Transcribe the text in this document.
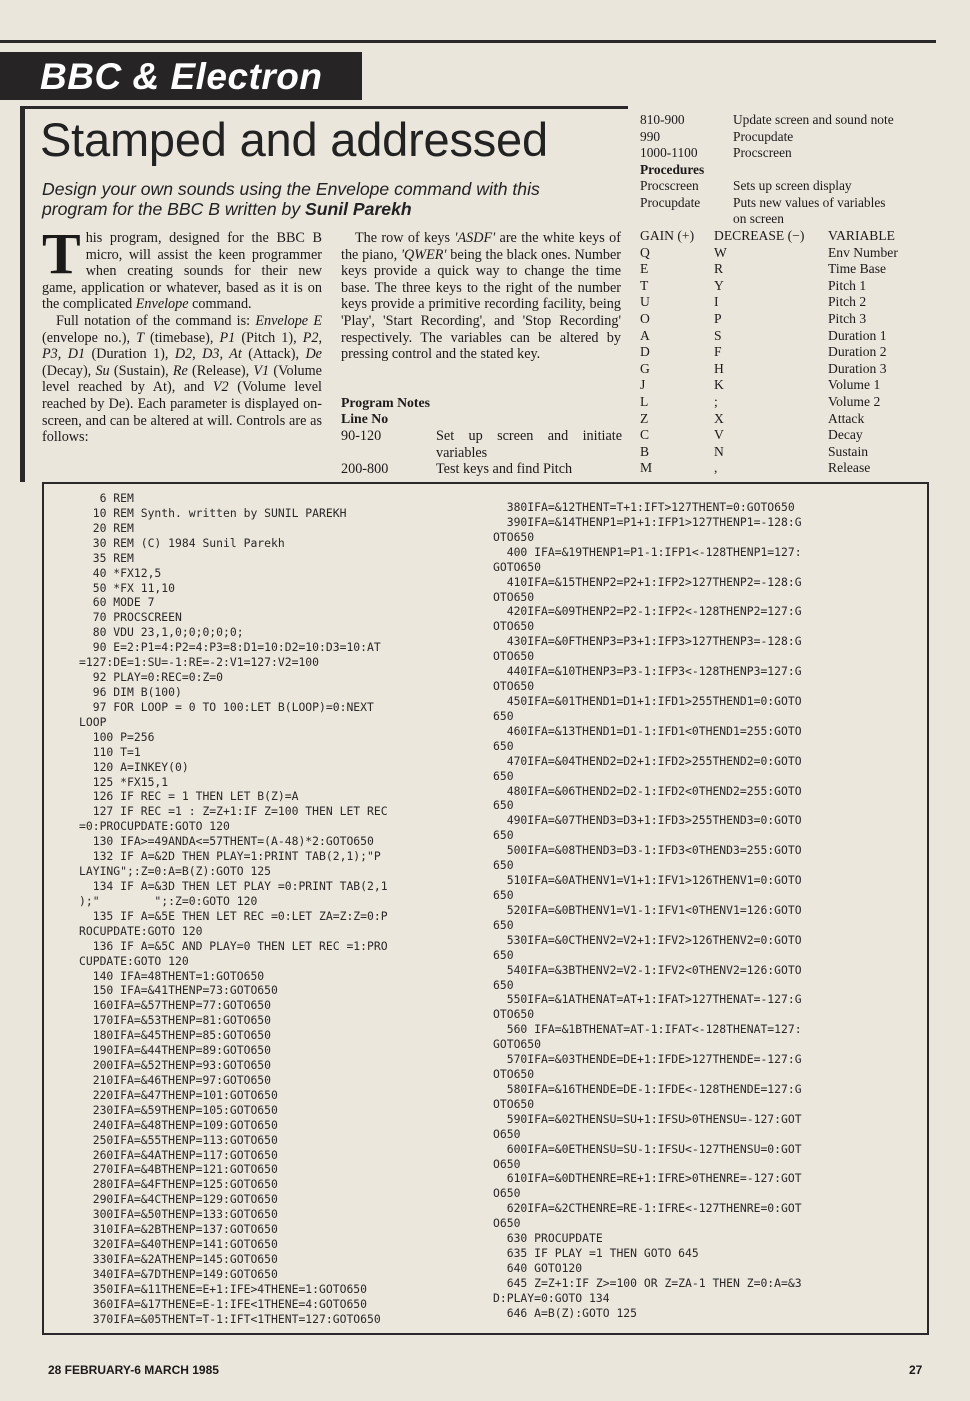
BBC & Electron
Stamped and addressed
Design your own sounds using the Envelope command with this program for the BBC B written by Sunil Parekh

This program, designed for the BBC B micro, will assist the keen programmer when creating sounds for their new game, application or whatever, based as it is on the complicated Envelope command.

Full notation of the command is: Envelope E (envelope no.), T (timebase), P1 (Pitch 1), P2, P3, D1 (Duration 1), D2, D3, At (Attack), De (Decay), Su (Sustain), Re (Release), V1 (Volume level reached by At), and V2 (Volume level reached by De). Each parameter is displayed on-screen, and can be altered at will. Controls are as follows:

The row of keys 'ASDF' are the white keys of the piano, 'QWER' being the black ones. Number keys provide a quick way to change the time base. The three keys to the right of the number keys provide a primitive recording facility, being 'Play', 'Start Recording', and 'Stop Recording' respectively. The variables can be altered by pressing control and the stated key.

Program Notes
Line No
90-120	Set up screen and initiate variables
200-800	Test keys and find Pitch
810-900	Update screen and sound note
990	Procupdate
1000-1100	Procscreen
Procedures
Procscreen	Sets up screen display
Procupdate Puts new values of variables
on screen
GAIN (+) DECREASE (−) VARIABLE
Q	W	Env Number
E	R	Time Base
T	Y	Pitch 1
U	I	Pitch 2
O	P	Pitch 3
A	S	Duration 1
D	F	Duration 2
G	H	Duration 3
J	K	Volume 1
L	;	Volume 2
Z	X	Attack
C	V	Decay
B	N	Sustain
M	,	Release
6 REM
10 REM Synth. written by SUNIL PAREKH
20 REM
30 REM (C) 1984 Sunil Parekh
35 REM
40 *FX12,5
50 *FX 11,10
60 MODE 7
70 PROCSCREEN
80 VDU 23,1,0;0;0;0;0;
90 E=2:P1=4:P2=4:P3=8:D1=10:D2=10:D3=10:AT
=127:DE=1:SU=-1:RE=-2:V1=127:V2=100
92 PLAY=0:REC=0:Z=0
96 DIM B(100)
97 FOR LOOP = 0 TO 100:LET B(LOOP)=0:NEXT
LOOP
100 P=256
110 T=1
120 A=INKEY(0)
125 *FX15,1
126 IF REC = 1 THEN LET B(Z)=A
127 IF REC =1 : Z=Z+1:IF Z=100 THEN LET REC
=0:PROCUPDATE:GOTO 120
130 IFA>=49ANDA<=57THENT=(A-48)*2:GOTO650
132 IF A=&2D THEN PLAY=1:PRINT TAB(2,1);"P
LAYING";:Z=0:A=B(Z):GOTO 125
134 IF A=&3D THEN LET PLAY =0:PRINT TAB(2,1
);"        ";:Z=0:GOTO 120
135 IF A=&5E THEN LET REC =0:LET ZA=Z:Z=0:P
ROCUPDATE:GOTO 120
136 IF A=&5C AND PLAY=0 THEN LET REC =1:PRO
CUPDATE:GOTO 120
140 IFA=48THENT=1:GOTO650
150 IFA=&41THENP=73:GOTO650
160IFA=&57THENP=77:GOTO650
170IFA=&53THENP=81:GOTO650
180IFA=&45THENP=85:GOTO650
190IFA=&44THENP=89:GOTO650
200IFA=&52THENP=93:GOTO650
210IFA=&46THENP=97:GOTO650
220IFA=&47THENP=101:GOTO650
230IFA=&59THENP=105:GOTO650
240IFA=&48THENP=109:GOTO650
250IFA=&55THENP=113:GOTO650
260IFA=&4ATHENP=117:GOTO650
270IFA=&4BTHENP=121:GOTO650
280IFA=&4FTHENP=125:GOTO650
290IFA=&4CTHENP=129:GOTO650
300IFA=&50THENP=133:GOTO650
310IFA=&2BTHENP=137:GOTO650
320IFA=&40THENP=141:GOTO650
330IFA=&2ATHENP=145:GOTO650
340IFA=&7DTHENP=149:GOTO650
350IFA=&11THENE=E+1:IFE>4THENE=1:GOTO650
360IFA=&17THENE=E-1:IFE<1THENE=4:GOTO650
370IFA=&05THENT=T-1:IFT<1THENT=127:GOTO650
380IFA=&12THENT=T+1:IFT>127THENT=0:GOTO650
390IFA=&14THENP1=P1+1:IFP1>127THENP1=-128:G
OTO650
400 IFA=&19THENP1=P1-1:IFP1<-128THENP1=127:
GOTO650
410IFA=&15THENP2=P2+1:IFP2>127THENP2=-128:G
OTO650
420IFA=&09THENP2=P2-1:IFP2<-128THENP2=127:G
OTO650
430IFA=&0FTHENP3=P3+1:IFP3>127THENP3=-128:G
OTO650
440IFA=&10THENP3=P3-1:IFP3<-128THENP3=127:G
OTO650
450IFA=&01THEND1=D1+1:IFD1>255THEND1=0:GOTO
650
460IFA=&13THEND1=D1-1:IFD1<0THEND1=255:GOTO
650
470IFA=&04THEND2=D2+1:IFD2>255THEND2=0:GOTO
650
480IFA=&06THEND2=D2-1:IFD2<0THEND2=255:GOTO
650
490IFA=&07THEND3=D3+1:IFD3>255THEND3=0:GOTO
650
500IFA=&08THEND3=D3-1:IFD3<0THEND3=255:GOTO
650
510IFA=&0ATHENV1=V1+1:IFV1>126THENV1=0:GOTO
650
520IFA=&0BTHENV1=V1-1:IFV1<0THENV1=126:GOTO
650
530IFA=&0CTHENV2=V2+1:IFV2>126THENV2=0:GOTO
650
540IFA=&3BTHENV2=V2-1:IFV2<0THENV2=126:GOTO
650
550IFA=&1ATHENAT=AT+1:IFAT>127THENAT=-127:G
OTO650
560 IFA=&1BTHENAT=AT-1:IFAT<-128THENAT=127:
GOTO650
570IFA=&03THENDE=DE+1:IFDE>127THENDE=-127:G
OTO650
580IFA=&16THENDE=DE-1:IFDE<-128THENDE=127:G
OTO650
590IFA=&02THENSU=SU+1:IFSU>0THENSU=-127:GOT
O650
600IFA=&0ETHENSU=SU-1:IFSU<-127THENSU=0:GOT
O650
610IFA=&0DTHENRE=RE+1:IFRE>0THENRE=-127:GOT
O650
620IFA=&2CTHENRE=RE-1:IFRE<-127THENRE=0:GOT
O650
630 PROCUPDATE
635 IF PLAY =1 THEN GOTO 645
640 GOTO120
645 Z=Z+1:IF Z>=100 OR Z=ZA-1 THEN Z=0:A=&3
D:PLAY=0:GOTO 134
646 A=B(Z):GOTO 125
28 FEBRUARY-6 MARCH 1985	27
